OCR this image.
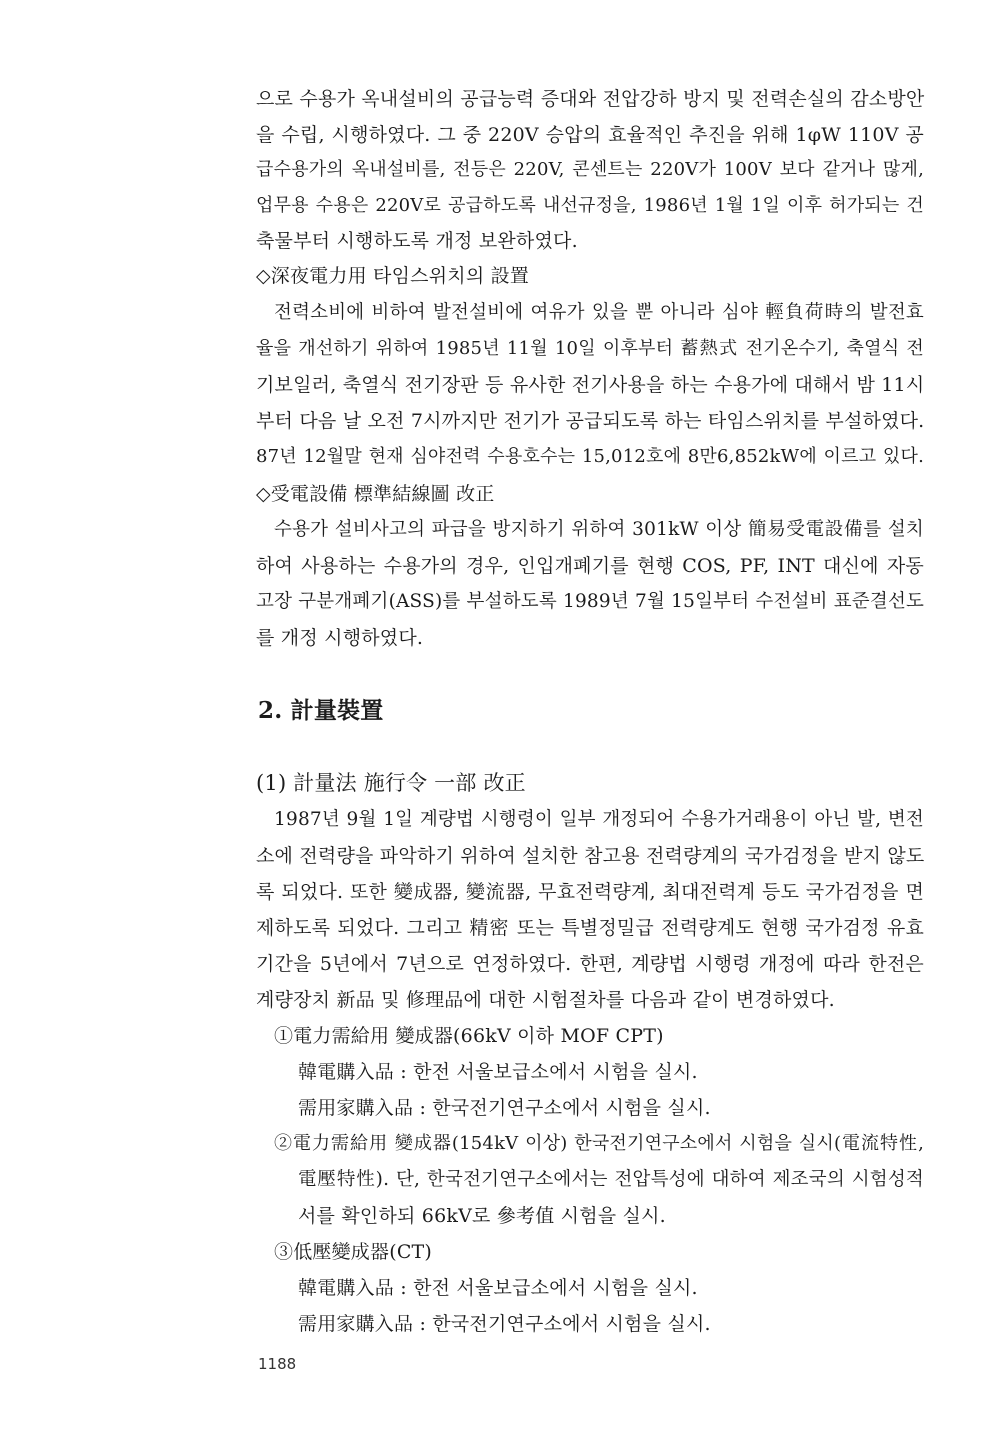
으로 수용가 옥내설비의 공급능력 증대와 전압강하 방지 및 전력손실의 감소방안

을 수립, 시행하였다. 그 중 220V 승압의 효율적인 추진을 위해 1φW 110V 공

급수용가의 옥내설비를, 전등은 220V, 콘센트는 220V가 100V 보다 같거나 많게,

업무용 수용은 220V로 공급하도록 내선규정을, 1986년 1월 1일 이후 허가되는 건

축물부터 시행하도록 개정 보완하였다.

◇深夜電力用 타임스위치의 設置

전력소비에 비하여 발전설비에 여유가 있을 뿐 아니라 심야 輕負荷時의 발전효

율을 개선하기 위하여 1985년 11월 10일 이후부터 蓄熱式 전기온수기, 축열식 전

기보일러, 축열식 전기장판 등 유사한 전기사용을 하는 수용가에 대해서 밤 11시

부터 다음 날 오전 7시까지만 전기가 공급되도록 하는 타임스위치를 부설하였다.

87년 12월말 현재 심야전력 수용호수는 15,012호에 8만6,852kW에 이르고 있다.

◇受電設備 標準結線圖 改正

수용가 설비사고의 파급을 방지하기 위하여 301kW 이상 簡易受電設備를 설치

하여 사용하는 수용가의 경우, 인입개폐기를 현행 COS, PF, INT 대신에 자동

고장 구분개폐기(ASS)를 부설하도록 1989년 7월 15일부터 수전설비 표준결선도

를 개정 시행하였다.

2. 計量裝置

(1) 計量法 施行令 一部 改正

1987년 9월 1일 계량법 시행령이 일부 개정되어 수용가거래용이 아닌 발, 변전

소에 전력량을 파악하기 위하여 설치한 참고용 전력량계의 국가검정을 받지 않도

록 되었다. 또한 變成器, 變流器, 무효전력량계, 최대전력계 등도 국가검정을 면

제하도록 되었다. 그리고 精密 또는 특별정밀급 전력량계도 현행 국가검정 유효

기간을 5년에서 7년으로 연정하였다. 한편, 계량법 시행령 개정에 따라 한전은

계량장치 新品 및 修理品에 대한 시험절차를 다음과 같이 변경하였다.

①電力需給用 變成器(66kV 이하 MOF CPT)

韓電購入品 : 한전 서울보급소에서 시험을 실시.

需用家購入品 : 한국전기연구소에서 시험을 실시.

②電力需給用 變成器(154kV 이상) 한국전기연구소에서 시험을 실시(電流特性,

電壓特性). 단, 한국전기연구소에서는 전압특성에 대하여 제조국의 시험성적

서를 확인하되 66kV로 參考值 시험을 실시.

③低壓變成器(CT)

韓電購入品 : 한전 서울보급소에서 시험을 실시.

需用家購入品 : 한국전기연구소에서 시험을 실시.

1188
